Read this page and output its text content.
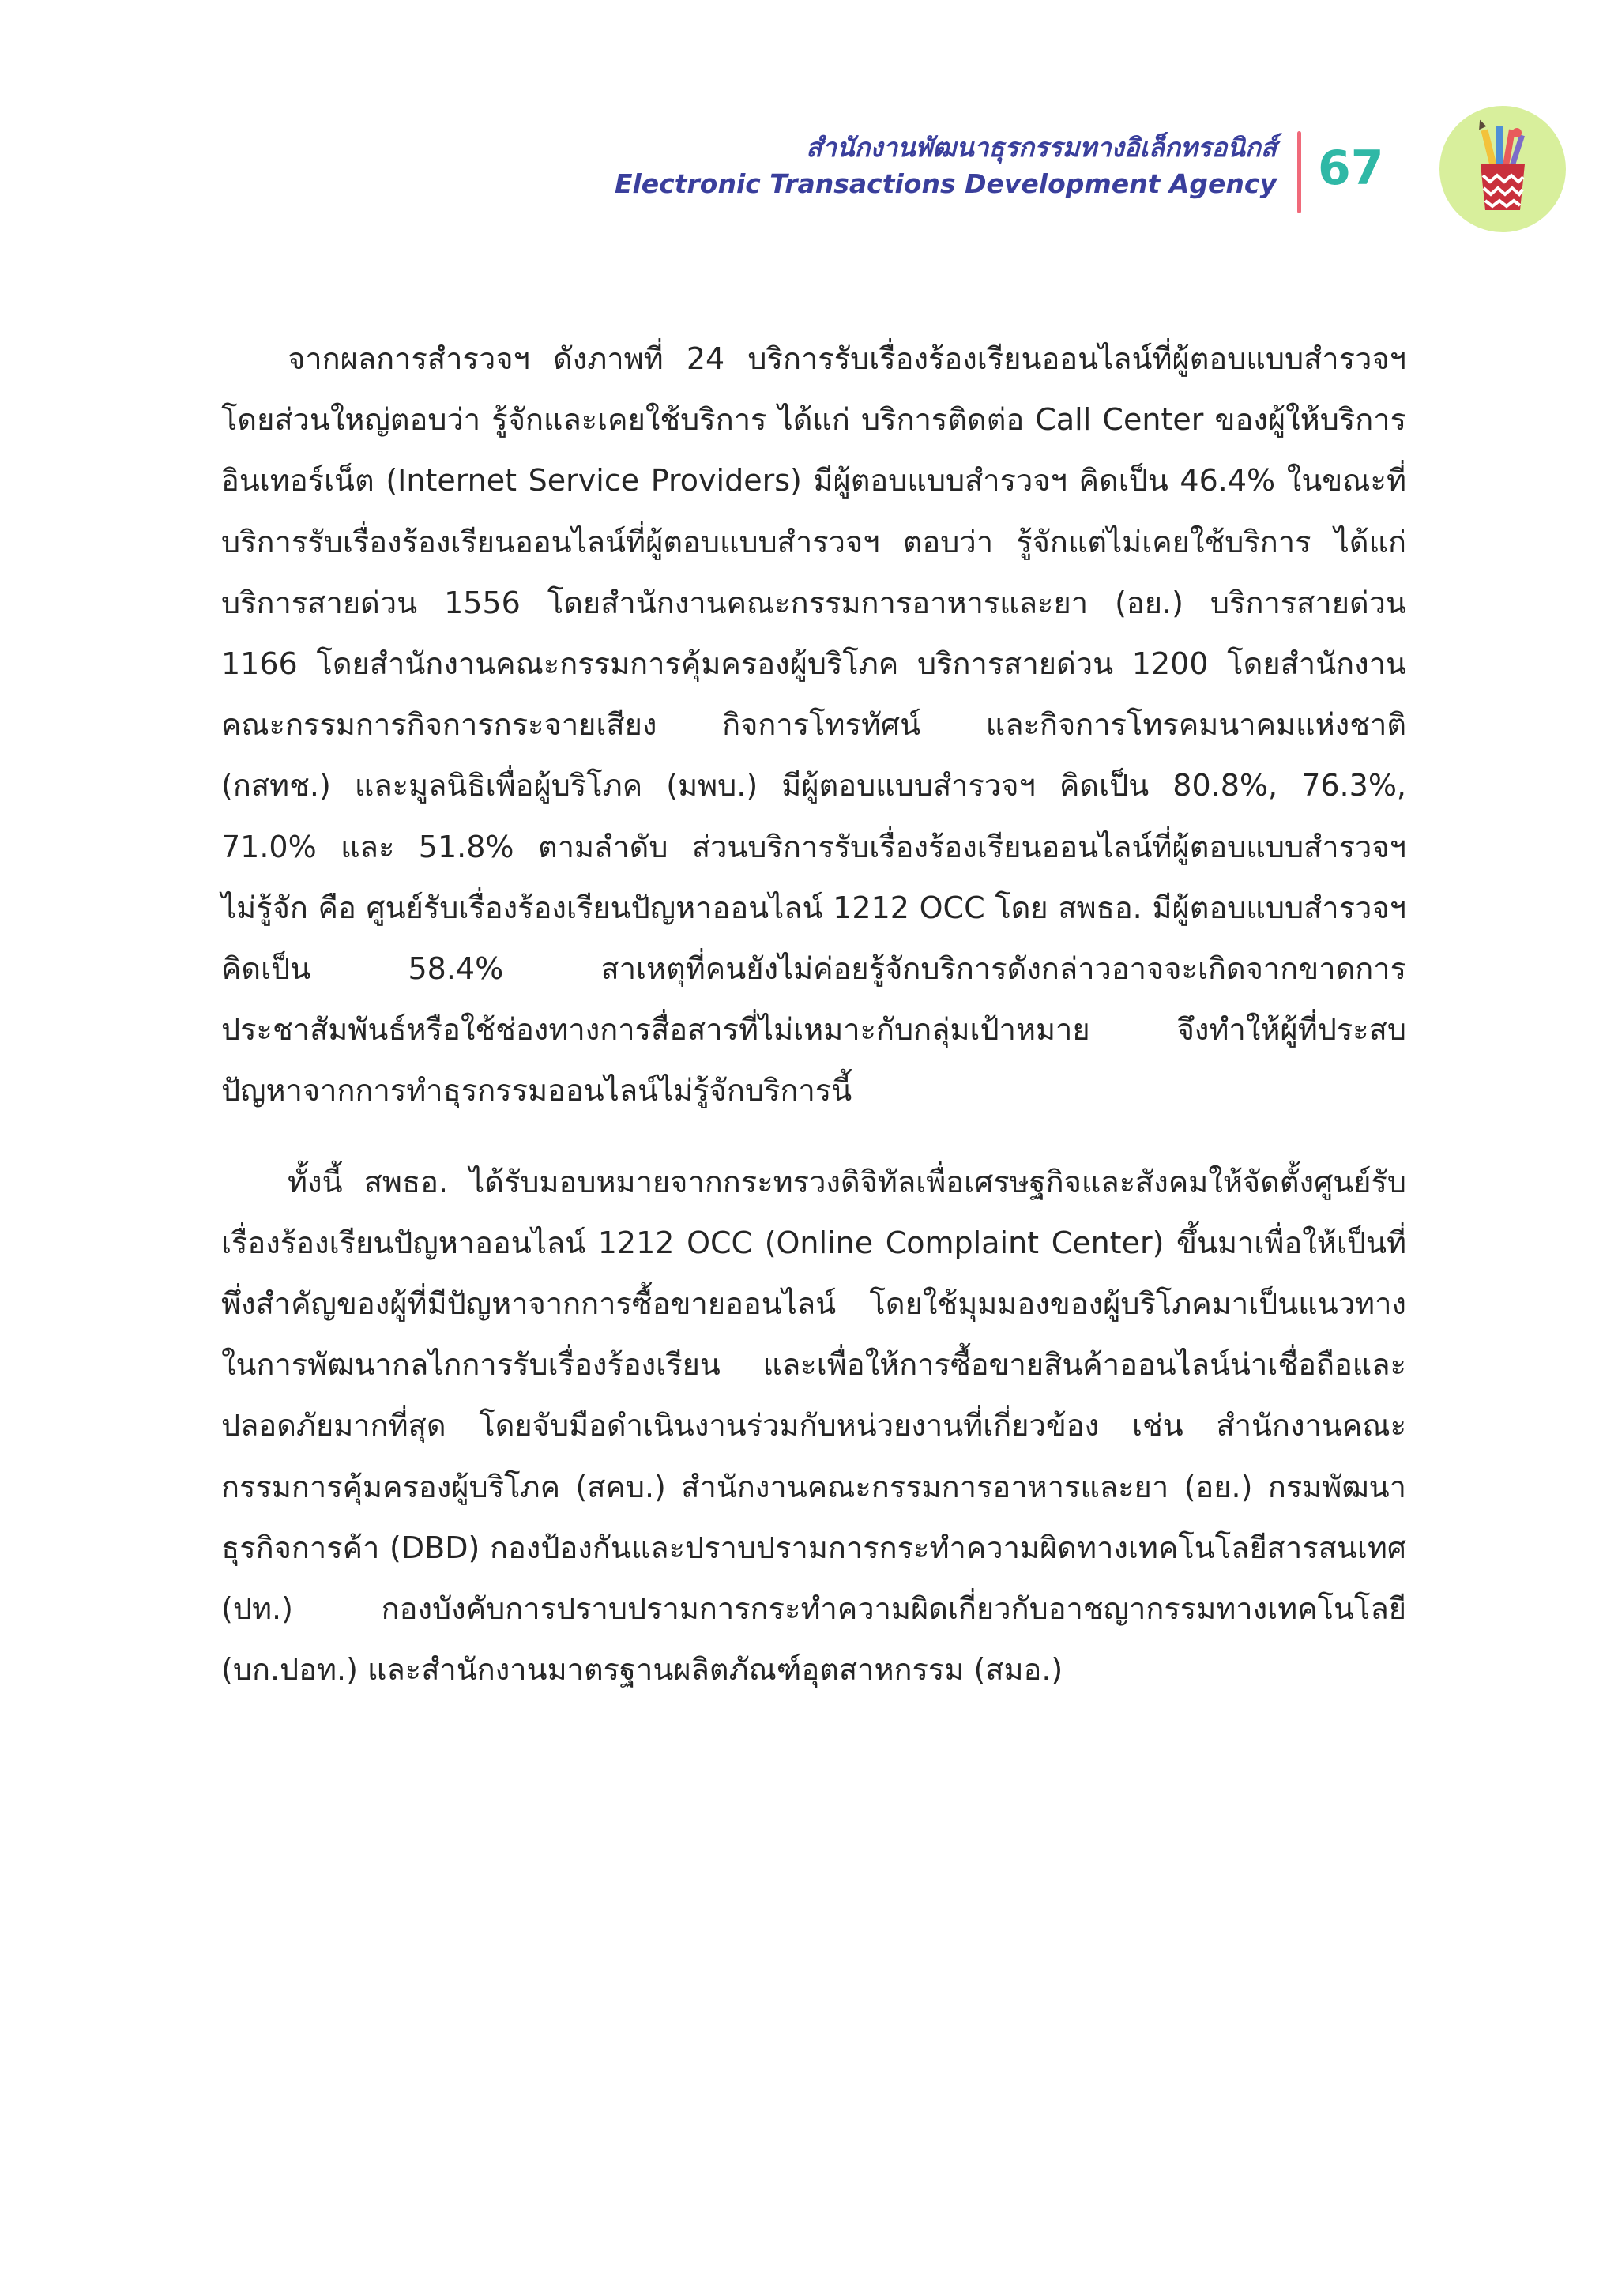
สำนักงานพัฒนาธุรกรรมทางอิเล็กทรอนิกส์
Electronic Transactions Development Agency 67

จากผลการสำรวจฯ ดังภาพที่ 24 บริการรับเรื่องร้องเรียนออนไลน์ที่ผู้ตอบแบบสำรวจฯ โดยส่วนใหญ่ตอบว่า รู้จักและเคยใช้บริการ ได้แก่ บริการติดต่อ Call Center ของผู้ให้บริการอินเทอร์เน็ต (Internet Service Providers) มีผู้ตอบแบบสำรวจฯ คิดเป็น 46.4% ในขณะที่บริการรับเรื่องร้องเรียนออนไลน์ที่ผู้ตอบแบบสำรวจฯ ตอบว่า รู้จักแต่ไม่เคยใช้บริการ ได้แก่ บริการสายด่วน 1556 โดยสำนักงานคณะกรรมการอาหารและยา (อย.) บริการสายด่วน 1166 โดยสำนักงานคณะกรรมการคุ้มครองผู้บริโภค บริการสายด่วน 1200 โดยสำนักงานคณะกรรมการกิจการกระจายเสียง กิจการโทรทัศน์ และกิจการโทรคมนาคมแห่งชาติ (กสทช.) และมูลนิธิเพื่อผู้บริโภค (มพบ.) มีผู้ตอบแบบสำรวจฯ คิดเป็น 80.8%, 76.3%, 71.0% และ 51.8% ตามลำดับ ส่วนบริการรับเรื่องร้องเรียนออนไลน์ที่ผู้ตอบแบบสำรวจฯ ไม่รู้จัก คือ ศูนย์รับเรื่องร้องเรียนปัญหาออนไลน์ 1212 OCC โดย สพธอ. มีผู้ตอบแบบสำรวจฯ คิดเป็น 58.4% สาเหตุที่คนยังไม่ค่อยรู้จักบริการดังกล่าวอาจจะเกิดจากขาดการประชาสัมพันธ์หรือใช้ช่องทางการสื่อสารที่ไม่เหมาะกับกลุ่มเป้าหมาย จึงทำให้ผู้ที่ประสบปัญหาจากการทำธุรกรรมออนไลน์ไม่รู้จักบริการนี้

ทั้งนี้ สพธอ. ได้รับมอบหมายจากกระทรวงดิจิทัลเพื่อเศรษฐกิจและสังคมให้จัดตั้งศูนย์รับเรื่องร้องเรียนปัญหาออนไลน์ 1212 OCC (Online Complaint Center) ขึ้นมาเพื่อให้เป็นที่พึ่งสำคัญของผู้ที่มีปัญหาจากการซื้อขายออนไลน์ โดยใช้มุมมองของผู้บริโภคมาเป็นแนวทางในการพัฒนากลไกการรับเรื่องร้องเรียน และเพื่อให้การซื้อขายสินค้าออนไลน์น่าเชื่อถือและปลอดภัยมากที่สุด โดยจับมือดำเนินงานร่วมกับหน่วยงานที่เกี่ยวข้อง เช่น สำนักงานคณะกรรมการคุ้มครองผู้บริโภค (สคบ.) สำนักงานคณะกรรมการอาหารและยา (อย.) กรมพัฒนาธุรกิจการค้า (DBD) กองป้องกันและปราบปรามการกระทำความผิดทางเทคโนโลยีสารสนเทศ (ปท.) กองบังคับการปราบปรามการกระทำความผิดเกี่ยวกับอาชญากรรมทางเทคโนโลยี (บก.ปอท.) และสำนักงานมาตรฐานผลิตภัณฑ์อุตสาหกรรม (สมอ.)
